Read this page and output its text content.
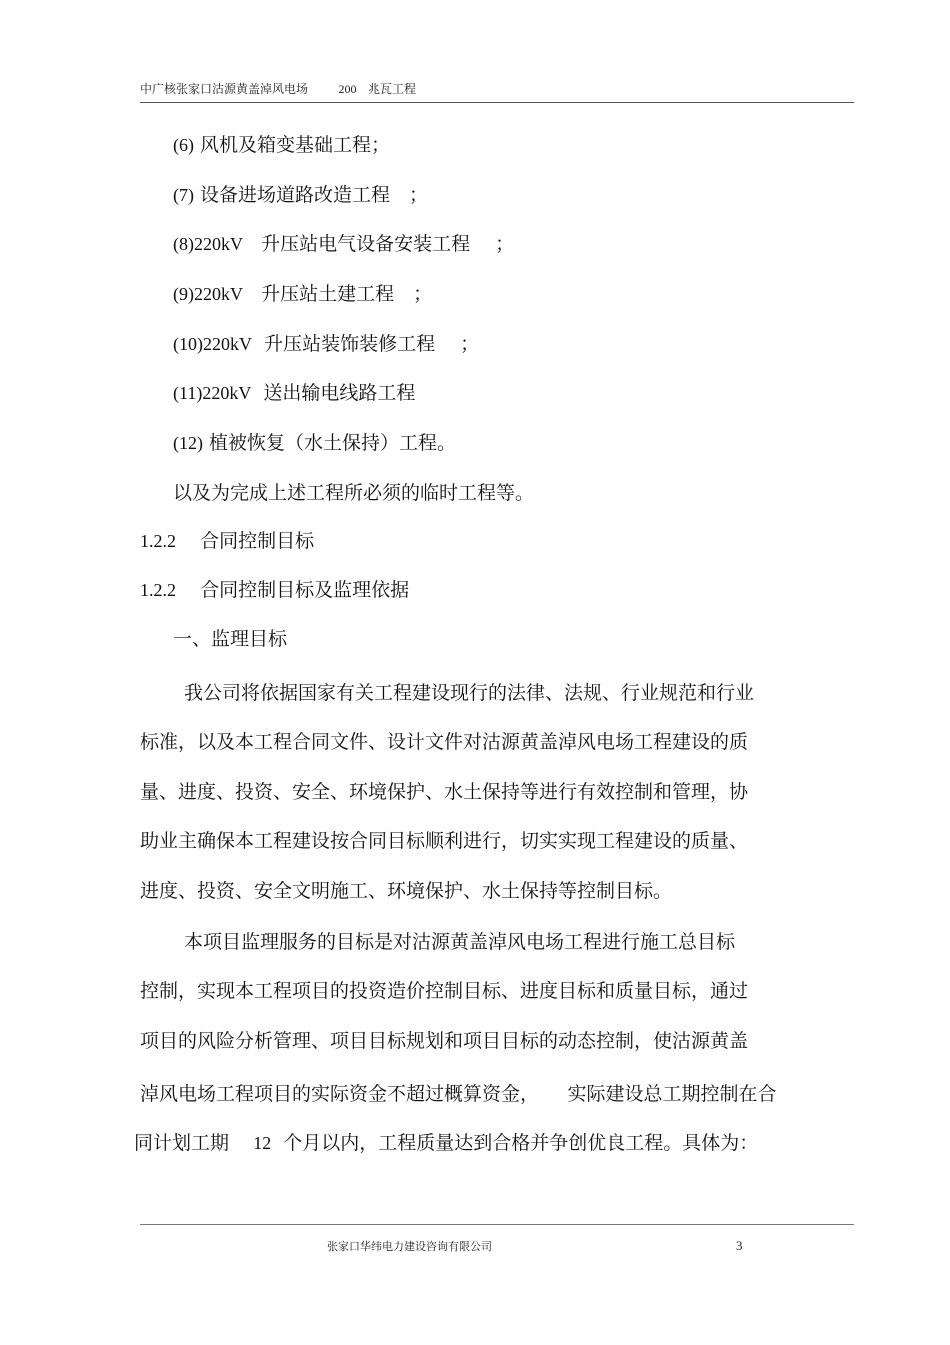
中广核张家口沽源黄盖淖风电场	200 兆瓦工程
(6) 风机及箱变基础工程；
(7) 设备进场道路改造工程　；
(8)220kV   升压站电气设备安装工程　 ；
(9)220kV   升压站土建工程　；
(10)220kV  升压站装饰装修工程　 ；
(11)220kV  送出输电线路工程
(12) 植被恢复（水土保持）工程。
以及为完成上述工程所必须的临时工程等。
1.2.2 合同控制目标
1.2.2 合同控制目标及监理依据
一、监理目标
我公司将依据国家有关工程建设现行的法律、法规、行业规范和行业
标准，以及本工程合同文件、设计文件对沽源黄盖淖风电场工程建设的质
量、进度、投资、安全、环境保护、水土保持等进行有效控制和管理，协
助业主确保本工程建设按合同目标顺利进行，切实实现工程建设的质量、
进度、投资、安全文明施工、环境保护、水土保持等控制目标。
本项目监理服务的目标是对沽源黄盖淖风电场工程进行施工总目标
控制，实现本工程项目的投资造价控制目标、进度目标和质量目标，通过
项目的风险分析管理、项目目标规划和项目目标的动态控制，使沽源黄盖
淖风电场工程项目的实际资金不超过概算资金，　　实际建设总工期控制在合
同计划工期 12 个月以内，工程质量达到合格并争创优良工程。具体为：
张家口华纬电力建设咨询有限公司	3
